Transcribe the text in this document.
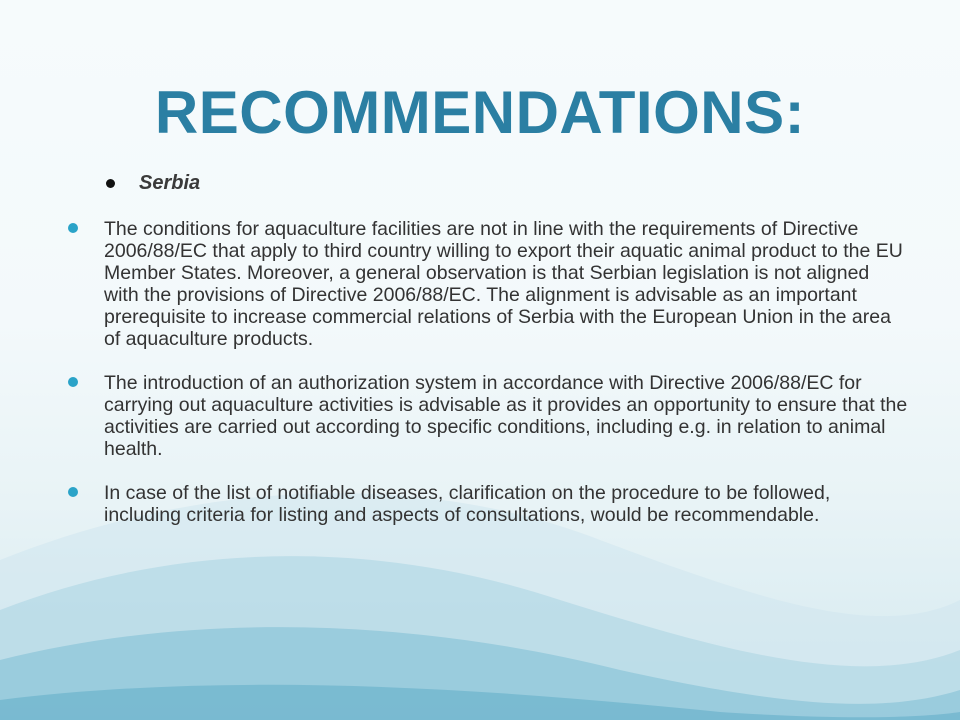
RECOMMENDATIONS:
Serbia
The conditions for aquaculture facilities are not in line with the requirements of Directive 2006/88/EC that apply to third country willing to export their aquatic animal product to the EU Member States. Moreover, a general observation is that Serbian legislation is not aligned with the provisions of Directive 2006/88/EC. The alignment is advisable as an important prerequisite to increase commercial relations of Serbia with the European Union in the area of aquaculture products.
The introduction of an authorization system in accordance with Directive 2006/88/EC for carrying out aquaculture activities is advisable as it provides an opportunity to ensure that the activities are carried out according to specific conditions, including e.g. in relation to animal health.
In case of the list of notifiable diseases, clarification on the procedure to be followed, including criteria for listing and aspects of consultations, would be recommendable.
